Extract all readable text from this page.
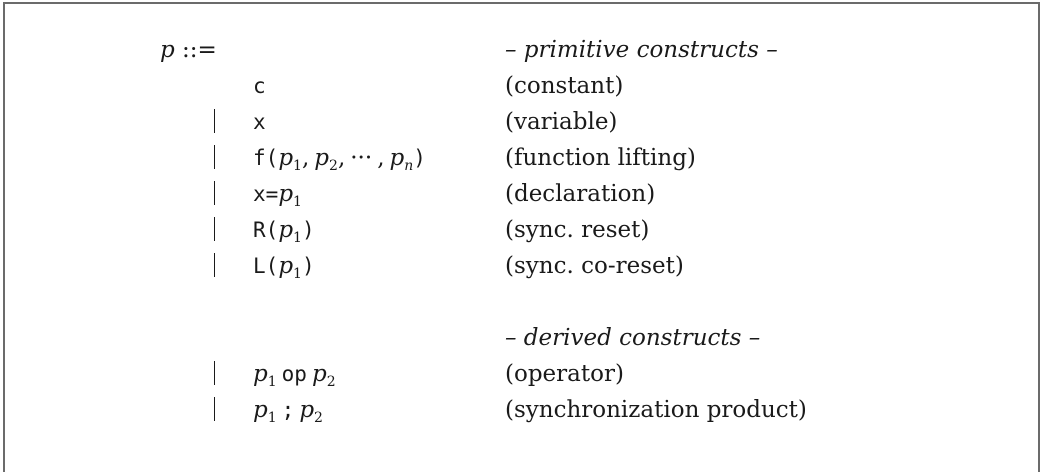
p ::=	– primitive constructs –
c	(constant)
x	(variable)
$f(p_1$, $p_2$, ··· , $p_n$)	(function lifting)
$x=p_1$	(declaration)
$R(p_1)$	(sync. reset)
$L(p_1)$	(sync. co-reset)
– derived constructs –
$p_1$ op $p_2$	(operator)
$p_1$ ; $p_2$	(synchronization product)
